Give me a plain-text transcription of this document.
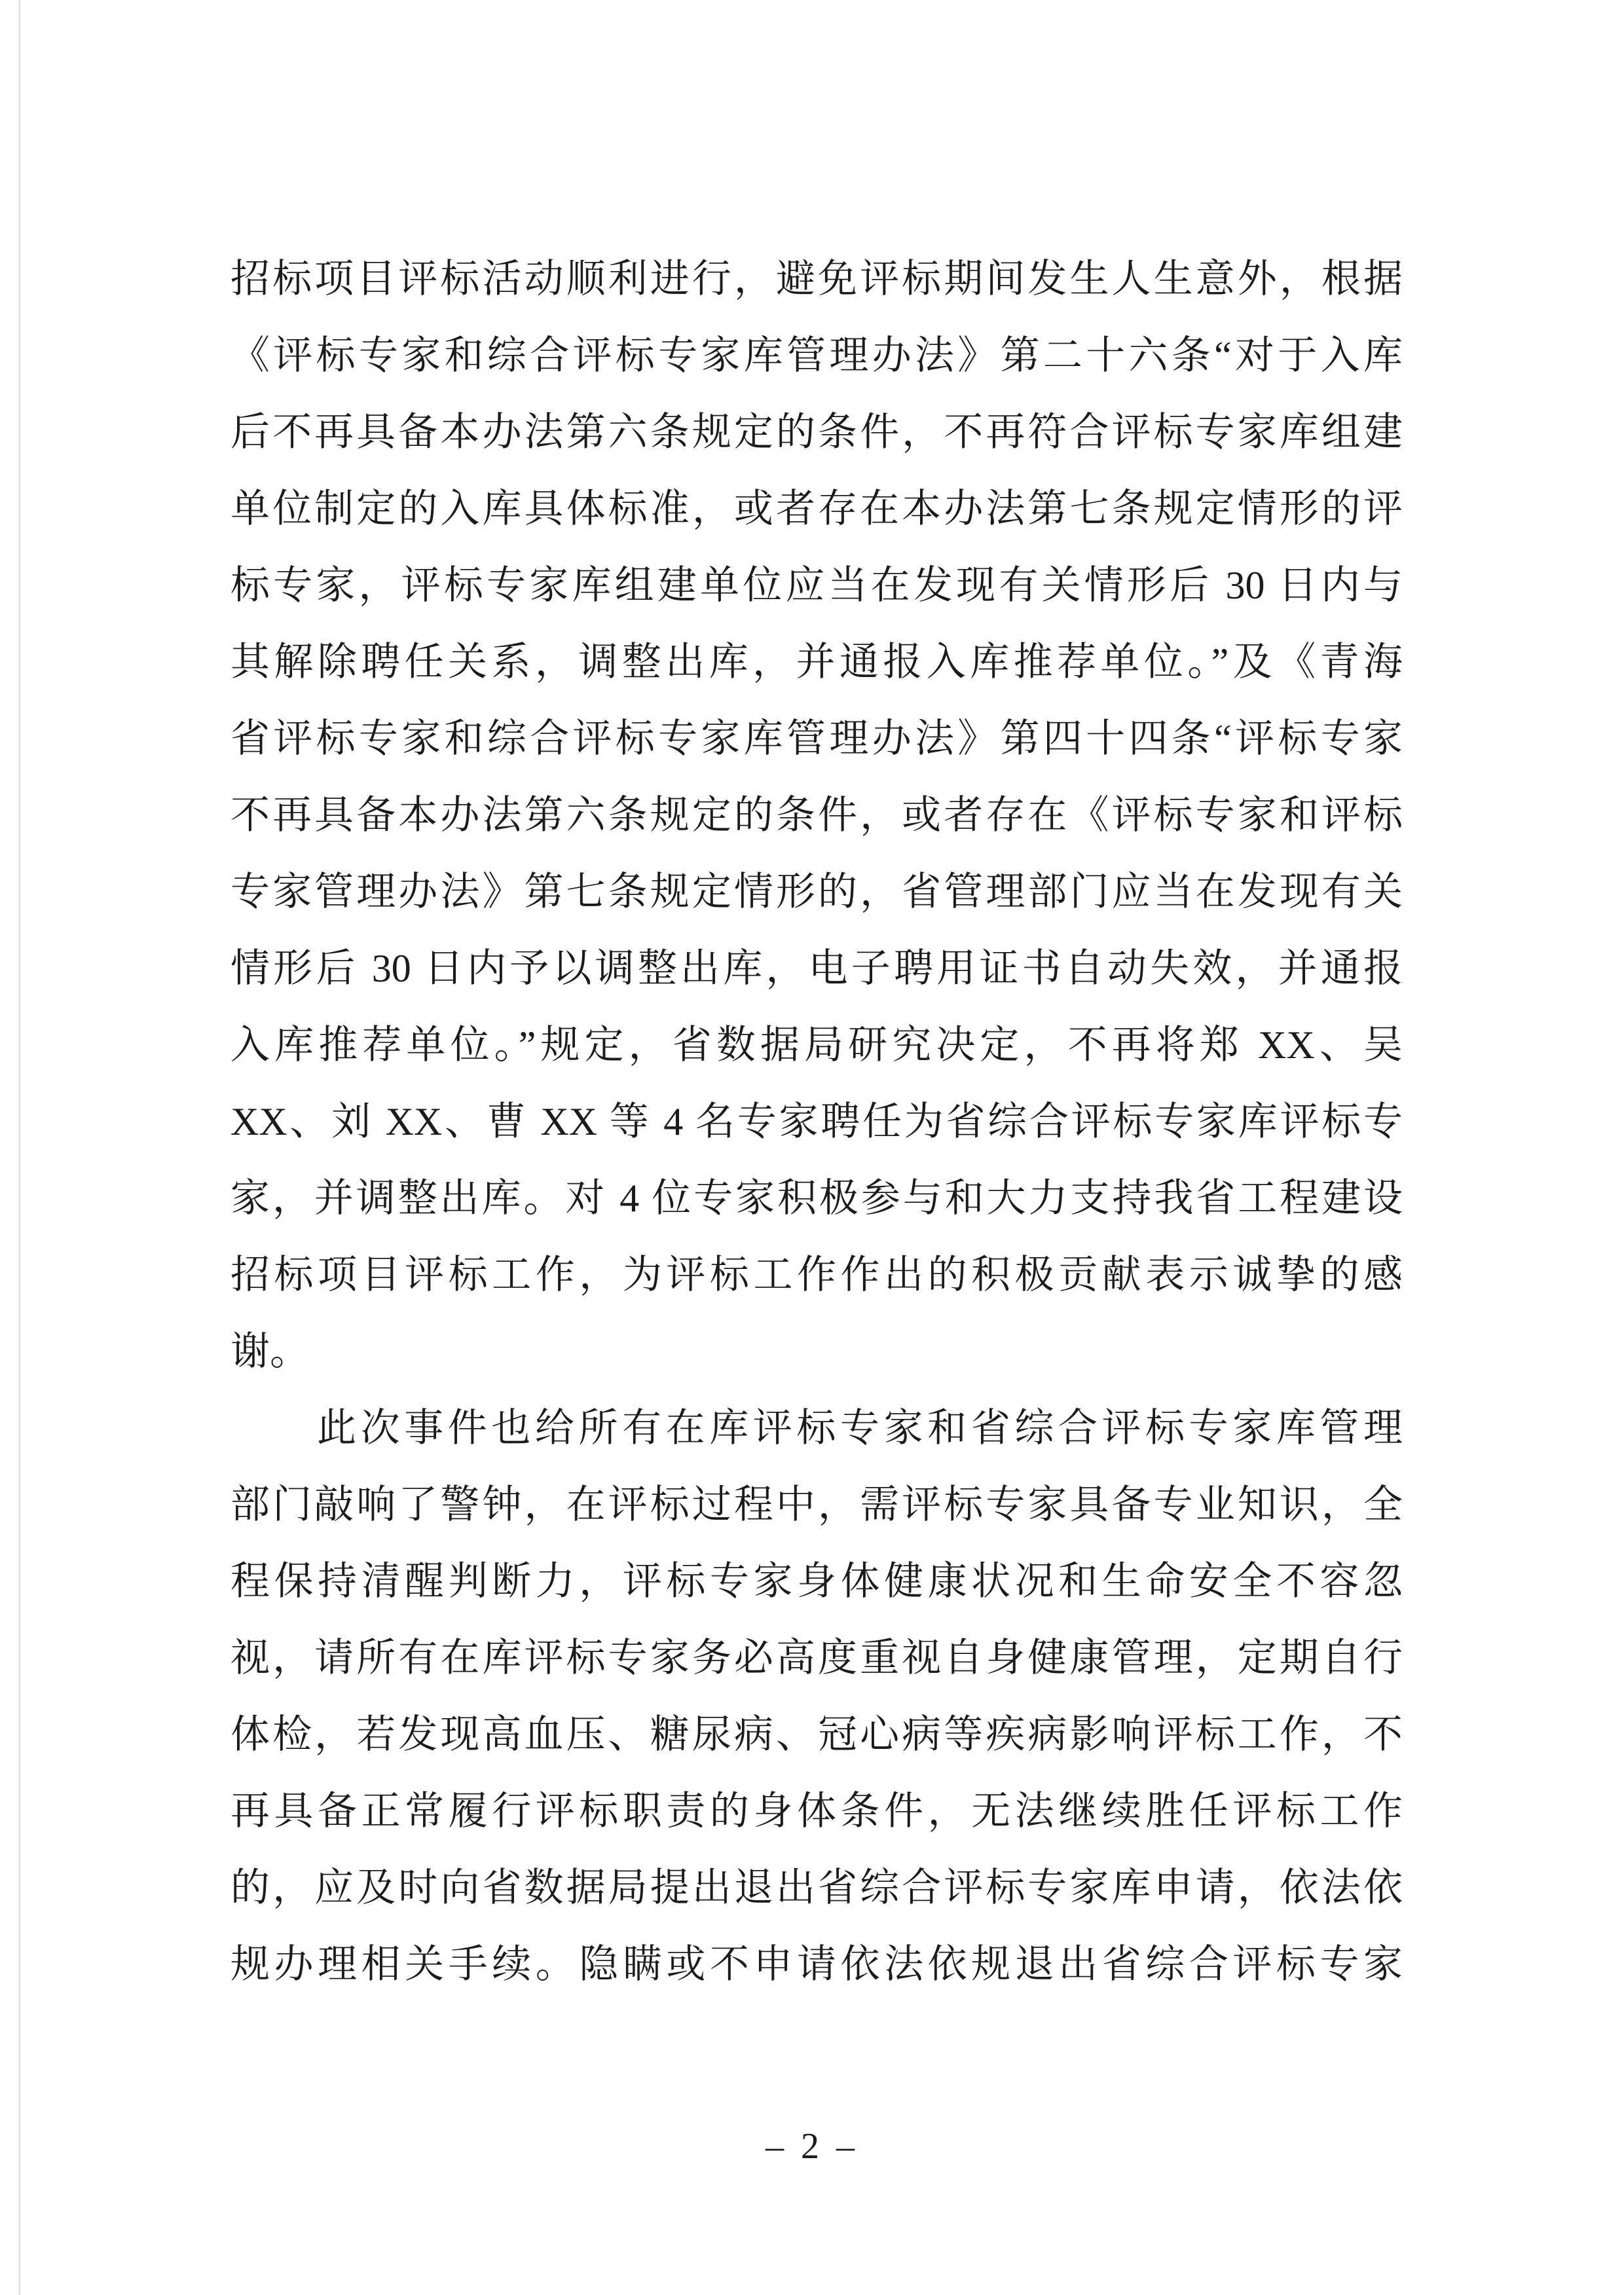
招标项目评标活动顺利进行，避免评标期间发生人生意外，根据
《评标专家和综合评标专家库管理办法》第二十六条“对于入库
后不再具备本办法第六条规定的条件，不再符合评标专家库组建
单位制定的入库具体标准，或者存在本办法第七条规定情形的评
标专家，评标专家库组建单位应当在发现有关情形后 30 日内与
其解除聘任关系，调整出库，并通报入库推荐单位。”及《青海
省评标专家和综合评标专家库管理办法》第四十四条“评标专家
不再具备本办法第六条规定的条件，或者存在《评标专家和评标
专家管理办法》第七条规定情形的，省管理部门应当在发现有关
情形后 30 日内予以调整出库，电子聘用证书自动失效，并通报
入库推荐单位。”规定，省数据局研究决定，不再将郑 XX、吴
XX、刘 XX、曹 XX 等 4 名专家聘任为省综合评标专家库评标专
家，并调整出库。对 4 位专家积极参与和大力支持我省工程建设
招标项目评标工作，为评标工作作出的积极贡献表示诚挚的感
谢。
此次事件也给所有在库评标专家和省综合评标专家库管理
部门敲响了警钟，在评标过程中，需评标专家具备专业知识，全
程保持清醒判断力，评标专家身体健康状况和生命安全不容忽
视，请所有在库评标专家务必高度重视自身健康管理，定期自行
体检，若发现高血压、糖尿病、冠心病等疾病影响评标工作，不
再具备正常履行评标职责的身体条件，无法继续胜任评标工作
的，应及时向省数据局提出退出省综合评标专家库申请，依法依
规办理相关手续。隐瞒或不申请依法依规退出省综合评标专家
– 2 –
